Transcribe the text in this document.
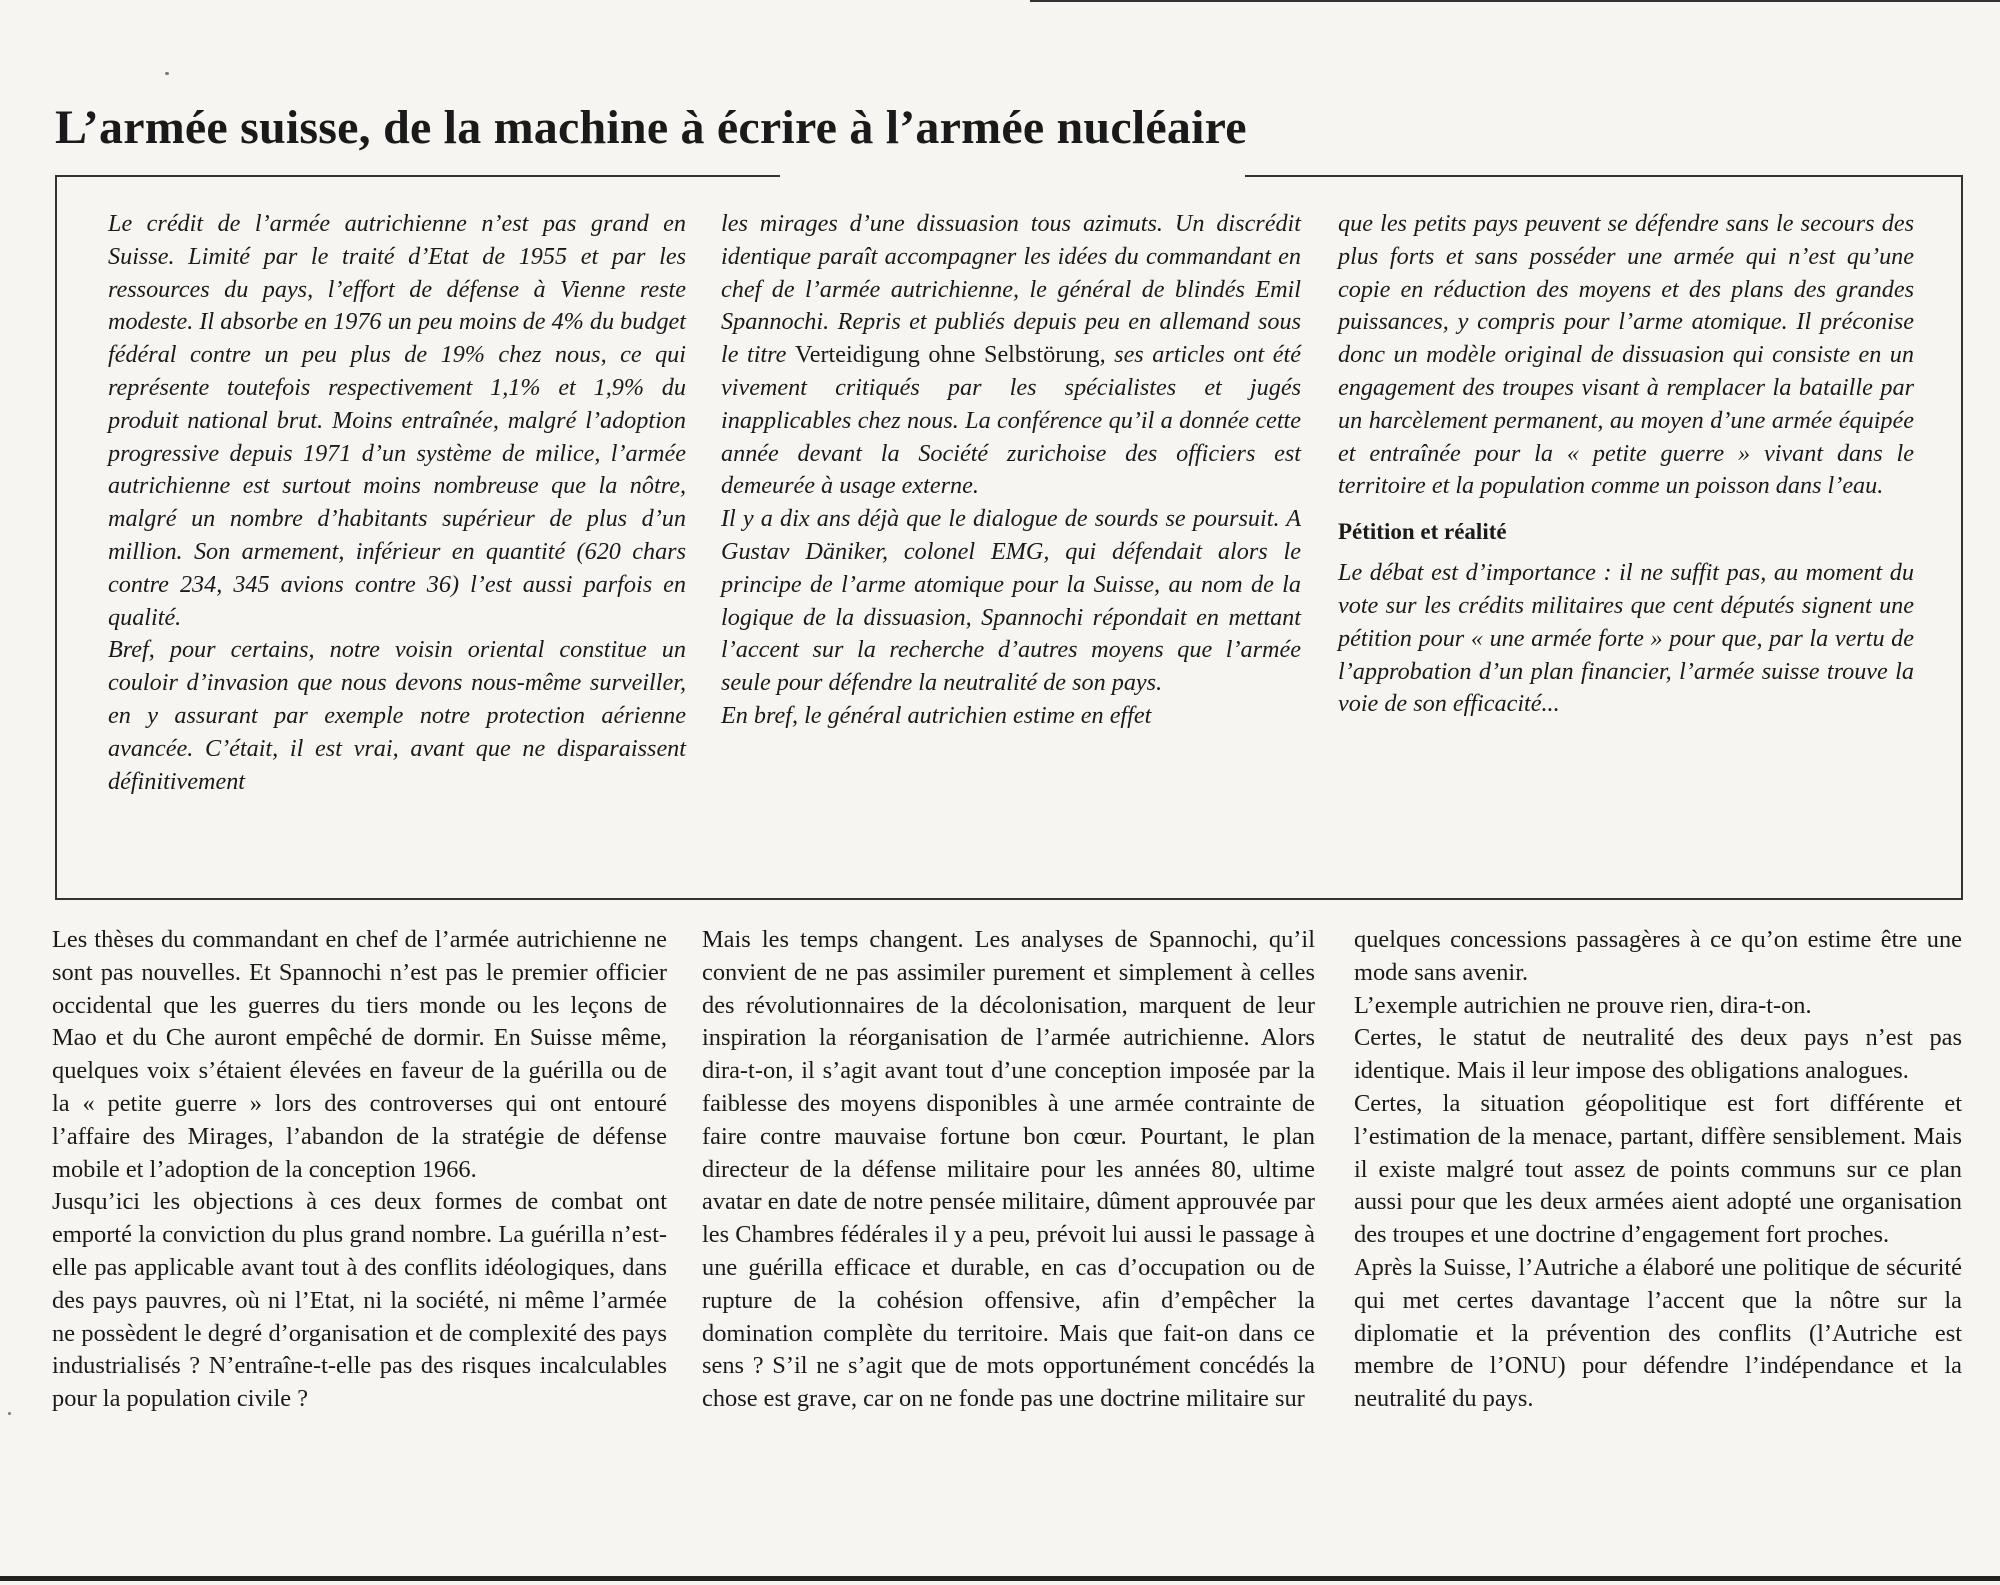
L’armée suisse, de la machine à écrire à l’armée nucléaire

Le crédit de l’armée autrichienne n’est pas grand en Suisse. Limité par le traité d’Etat de 1955 et par les ressources du pays, l’effort de défense à Vienne reste modeste. Il absorbe en 1976 un peu moins de 4% du budget fédéral contre un peu plus de 19% chez nous, ce qui représente toutefois respectivement 1,1% et 1,9% du produit national brut. Moins entraînée, malgré l’adoption progressive depuis 1971 d’un système de milice, l’armée autrichienne est surtout moins nombreuse que la nôtre, malgré un nombre d’habitants supérieur de plus d’un million. Son armement, inférieur en quantité (620 chars contre 234, 345 avions contre 36) l’est aussi parfois en qualité.

Bref, pour certains, notre voisin oriental constitue un couloir d’invasion que nous devons nous-même surveiller, en y assurant par exemple notre protection aérienne avancée. C’était, il est vrai, avant que ne disparaissent définitivement

les mirages d’une dissuasion tous azimuts. Un discrédit identique paraît accompagner les idées du commandant en chef de l’armée autrichienne, le général de blindés Emil Spannochi. Repris et publiés depuis peu en allemand sous le titre Verteidigung ohne Selbstörung, ses articles ont été vivement critiqués par les spécialistes et jugés inapplicables chez nous. La conférence qu’il a donnée cette année devant la Société zurichoise des officiers est demeurée à usage externe.

Il y a dix ans déjà que le dialogue de sourds se poursuit. A Gustav Däniker, colonel EMG, qui défendait alors le principe de l’arme atomique pour la Suisse, au nom de la logique de la dissuasion, Spannochi répondait en mettant l’accent sur la recherche d’autres moyens que l’armée seule pour défendre la neutralité de son pays.

En bref, le général autrichien estime en effet

que les petits pays peuvent se défendre sans le secours des plus forts et sans posséder une armée qui n’est qu’une copie en réduction des moyens et des plans des grandes puissances, y compris pour l’arme atomique. Il préconise donc un modèle original de dissuasion qui consiste en un engagement des troupes visant à remplacer la bataille par un harcèlement permanent, au moyen d’une armée équipée et entraînée pour la « petite guerre » vivant dans le territoire et la population comme un poisson dans l’eau.

Pétition et réalité

Le débat est d’importance : il ne suffit pas, au moment du vote sur les crédits militaires que cent députés signent une pétition pour « une armée forte » pour que, par la vertu de l’approbation d’un plan financier, l’armée suisse trouve la voie de son efficacité...

Les thèses du commandant en chef de l’armée autrichienne ne sont pas nouvelles. Et Spannochi n’est pas le premier officier occidental que les guerres du tiers monde ou les leçons de Mao et du Che auront empêché de dormir. En Suisse même, quelques voix s’étaient élevées en faveur de la guérilla ou de la « petite guerre » lors des controverses qui ont entouré l’affaire des Mirages, l’abandon de la stratégie de défense mobile et l’adoption de la conception 1966.

Jusqu’ici les objections à ces deux formes de combat ont emporté la conviction du plus grand nombre. La guérilla n’est-elle pas applicable avant tout à des conflits idéologiques, dans des pays pauvres, où ni l’Etat, ni la société, ni même l’armée ne possèdent le degré d’organisation et de complexité des pays industrialisés ? N’entraîne-t-elle pas des risques incalculables pour la population civile ?

Mais les temps changent. Les analyses de Spannochi, qu’il convient de ne pas assimiler purement et simplement à celles des révolutionnaires de la décolonisation, marquent de leur inspiration la réorganisation de l’armée autrichienne. Alors dira-t-on, il s’agit avant tout d’une conception imposée par la faiblesse des moyens disponibles à une armée contrainte de faire contre mauvaise fortune bon cœur. Pourtant, le plan directeur de la défense militaire pour les années 80, ultime avatar en date de notre pensée militaire, dûment approuvée par les Chambres fédérales il y a peu, prévoit lui aussi le passage à une guérilla efficace et durable, en cas d’occupation ou de rupture de la cohésion offensive, afin d’empêcher la domination complète du territoire. Mais que fait-on dans ce sens ? S’il ne s’agit que de mots opportunément concédés la chose est grave, car on ne fonde pas une doctrine militaire sur

quelques concessions passagères à ce qu’on estime être une mode sans avenir.

L’exemple autrichien ne prouve rien, dira-t-on.

Certes, le statut de neutralité des deux pays n’est pas identique. Mais il leur impose des obligations analogues.

Certes, la situation géopolitique est fort différente et l’estimation de la menace, partant, diffère sensiblement. Mais il existe malgré tout assez de points communs sur ce plan aussi pour que les deux armées aient adopté une organisation des troupes et une doctrine d’engagement fort proches.

Après la Suisse, l’Autriche a élaboré une politique de sécurité qui met certes davantage l’accent que la nôtre sur la diplomatie et la prévention des conflits (l’Autriche est membre de l’ONU) pour défendre l’indépendance et la neutralité du pays.
